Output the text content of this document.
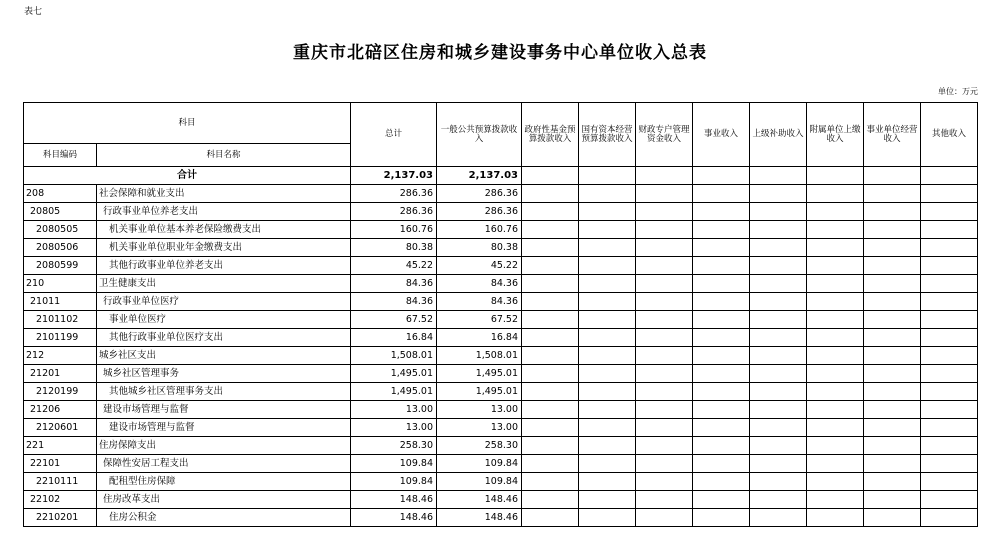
表七
重庆市北碚区住房和城乡建设事务中心单位收入总表
单位：万元
科目		总计	一般公共预算拨款收入	政府性基金预算拨款收入	国有资本经营预算拨款收入	财政专户管理资金收入	事业收入	上级补助收入	附属单位上缴收入	事业单位经营收入	其他收入
科目编码	科目名称										
合计		2,137.03	2,137.03								
208	社会保障和就业支出	286.36	286.36								
20805	行政事业单位养老支出	286.36	286.36								
2080505	机关事业单位基本养老保险缴费支出	160.76	160.76								
2080506	机关事业单位职业年金缴费支出	80.38	80.38								
2080599	其他行政事业单位养老支出	45.22	45.22								
210	卫生健康支出	84.36	84.36								
21011	行政事业单位医疗	84.36	84.36								
2101102	事业单位医疗	67.52	67.52								
2101199	其他行政事业单位医疗支出	16.84	16.84								
212	城乡社区支出	1,508.01	1,508.01								
21201	城乡社区管理事务	1,495.01	1,495.01								
2120199	其他城乡社区管理事务支出	1,495.01	1,495.01								
21206	建设市场管理与监督	13.00	13.00								
2120601	建设市场管理与监督	13.00	13.00								
221	住房保障支出	258.30	258.30								
22101	保障性安居工程支出	109.84	109.84								
2210111	配租型住房保障	109.84	109.84								
22102	住房改革支出	148.46	148.46								
2210201	住房公积金	148.46	148.46								
